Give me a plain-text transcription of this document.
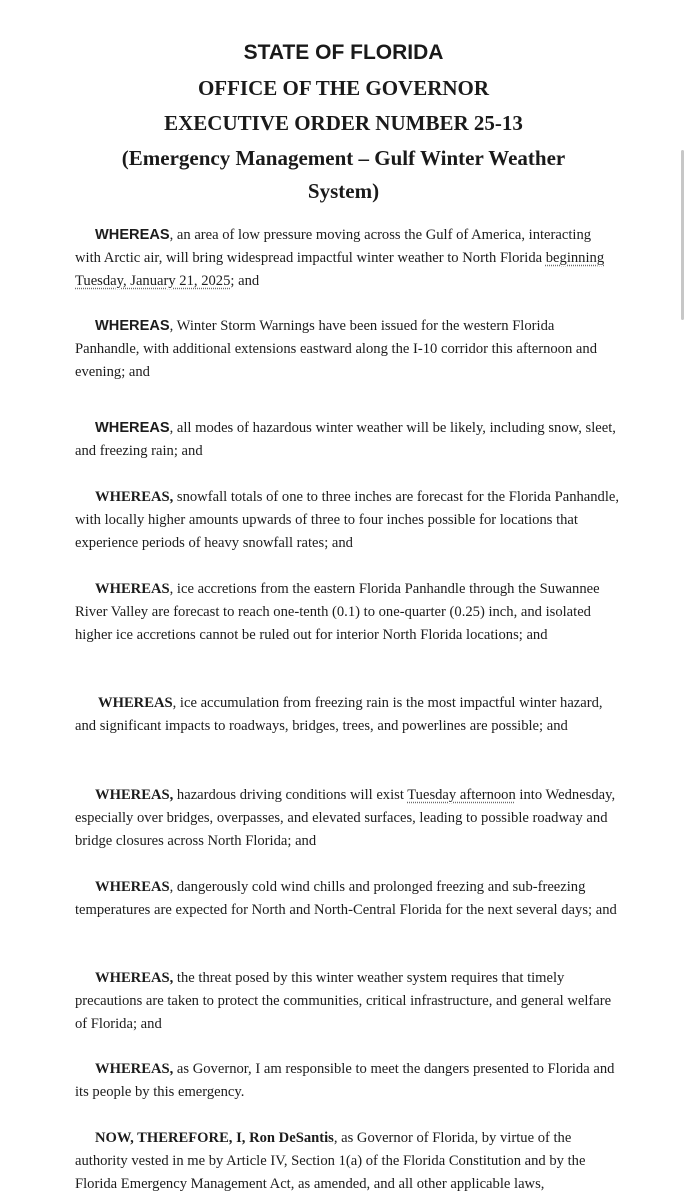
STATE OF FLORIDA
OFFICE OF THE GOVERNOR
EXECUTIVE ORDER NUMBER 25-13
(Emergency Management – Gulf Winter Weather
System)
WHEREAS, an area of low pressure moving across the Gulf of America, interacting with Arctic air, will bring widespread impactful winter weather to North Florida beginning Tuesday, January 21, 2025; and
WHEREAS, Winter Storm Warnings have been issued for the western Florida Panhandle, with additional extensions eastward along the I-10 corridor this afternoon and evening; and
WHEREAS, all modes of hazardous winter weather will be likely, including snow, sleet, and freezing rain; and
WHEREAS, snowfall totals of one to three inches are forecast for the Florida Panhandle, with locally higher amounts upwards of three to four inches possible for locations that experience periods of heavy snowfall rates; and
WHEREAS, ice accretions from the eastern Florida Panhandle through the Suwannee River Valley are forecast to reach one-tenth (0.1) to one-quarter (0.25) inch, and isolated higher ice accretions cannot be ruled out for interior North Florida locations; and
WHEREAS, ice accumulation from freezing rain is the most impactful winter hazard, and significant impacts to roadways, bridges, trees, and powerlines are possible; and
WHEREAS, hazardous driving conditions will exist Tuesday afternoon into Wednesday, especially over bridges, overpasses, and elevated surfaces, leading to possible roadway and bridge closures across North Florida; and
WHEREAS, dangerously cold wind chills and prolonged freezing and sub-freezing temperatures are expected for North and North-Central Florida for the next several days; and
WHEREAS, the threat posed by this winter weather system requires that timely precautions are taken to protect the communities, critical infrastructure, and general welfare of Florida; and
WHEREAS, as Governor, I am responsible to meet the dangers presented to Florida and its people by this emergency.
NOW, THEREFORE, I, Ron DeSantis, as Governor of Florida, by virtue of the authority vested in me by Article IV, Section 1(a) of the Florida Constitution and by the Florida Emergency Management Act, as amended, and all other applicable laws,
